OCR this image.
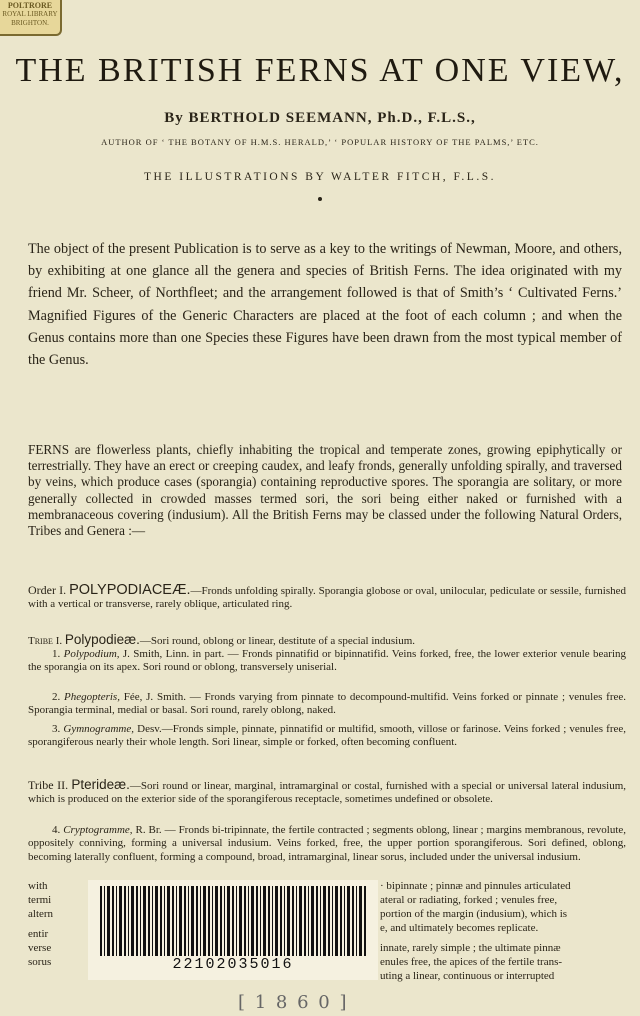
POLTRORE
ROYAL LIBRARY
BRIGHTON.
THE BRITISH FERNS AT ONE VIEW,
By BERTHOLD SEEMANN, Ph.D., F.L.S.,
AUTHOR OF ‘ THE BOTANY OF H.M.S. HERALD,’ ‘ POPULAR HISTORY OF THE PALMS,’ ETC.
THE ILLUSTRATIONS BY WALTER FITCH, F.L.S.

The object of the present Publication is to serve as a key to the writings of Newman, Moore, and others, by exhibiting at one glance all the genera and species of British Ferns. The idea originated with my friend Mr. Scheer, of Northfleet; and the arrangement followed is that of Smith’s ‘ Cultivated Ferns.’ Magnified Figures of the Generic Characters are placed at the foot of each column ; and when the Genus contains more than one Species these Figures have been drawn from the most typical member of the Genus.

FERNS are flowerless plants, chiefly inhabiting the tropical and temperate zones, growing epiphytically or terrestrially. They have an erect or creeping caudex, and leafy fronds, generally unfolding spirally, and traversed by veins, which produce cases (sporangia) containing reproductive spores. The sporangia are solitary, or more generally collected in crowded masses termed sori, the sori being either naked or furnished with a membranaceous covering (indusium). All the British Ferns may be classed under the following Natural Orders, Tribes and Genera :—

Order I. POLYPODIACEÆ.—Fronds unfolding spirally. Sporangia globose or oval, unilocular, pediculate or sessile, furnished with a vertical or transverse, rarely oblique, articulated ring.

Tribe I. Polypodieæ.—Sori round, oblong or linear, destitute of a special indusium.

1. Polypodium, J. Smith, Linn. in part. — Fronds pinnatifid or bipinnatifid. Veins forked, free, the lower exterior venule bearing the sporangia on its apex. Sori round or oblong, transversely uniserial.

2. Phegopteris, Fée, J. Smith. — Fronds varying from pinnate to decompound-multifid. Veins forked or pinnate ; venules free. Sporangia terminal, medial or basal. Sori round, rarely oblong, naked.

3. Gymnogramme, Desv.—Fronds simple, pinnate, pinnatifid or multifid, smooth, villose or farinose. Veins forked ; venules free, sporangiferous nearly their whole length. Sori linear, simple or forked, often becoming confluent.

Tribe II. Pterideæ.—Sori round or linear, marginal, intramarginal or costal, furnished with a special or universal lateral indusium, which is produced on the exterior side of the sporangiferous receptacle, sometimes undefined or obsolete.

4. Cryptogramme, R. Br. — Fronds bi-tripinnate, the fertile contracted ; segments oblong, linear ; margins membranous, revolute, oppositely conniving, forming a universal indusium. Veins forked, free, the upper portion sporangiferous. Sori defined, oblong, becoming laterally confluent, forming a compound, broad, intramarginal, linear sorus, included under the universal indusium.

with
termi
altern
entir
verse
sorus
· bipinnate ; pinnæ and pinnules articulated
ateral or radiating, forked ; venules free,
portion of the margin (indusium), which is
e, and ultimately becomes replicate.
innate, rarely simple ; the ultimate pinnæ
enules free, the apices of the fertile trans-
uting a linear, continuous or interrupted
22102035016
[ 1 8 6 0 ]
